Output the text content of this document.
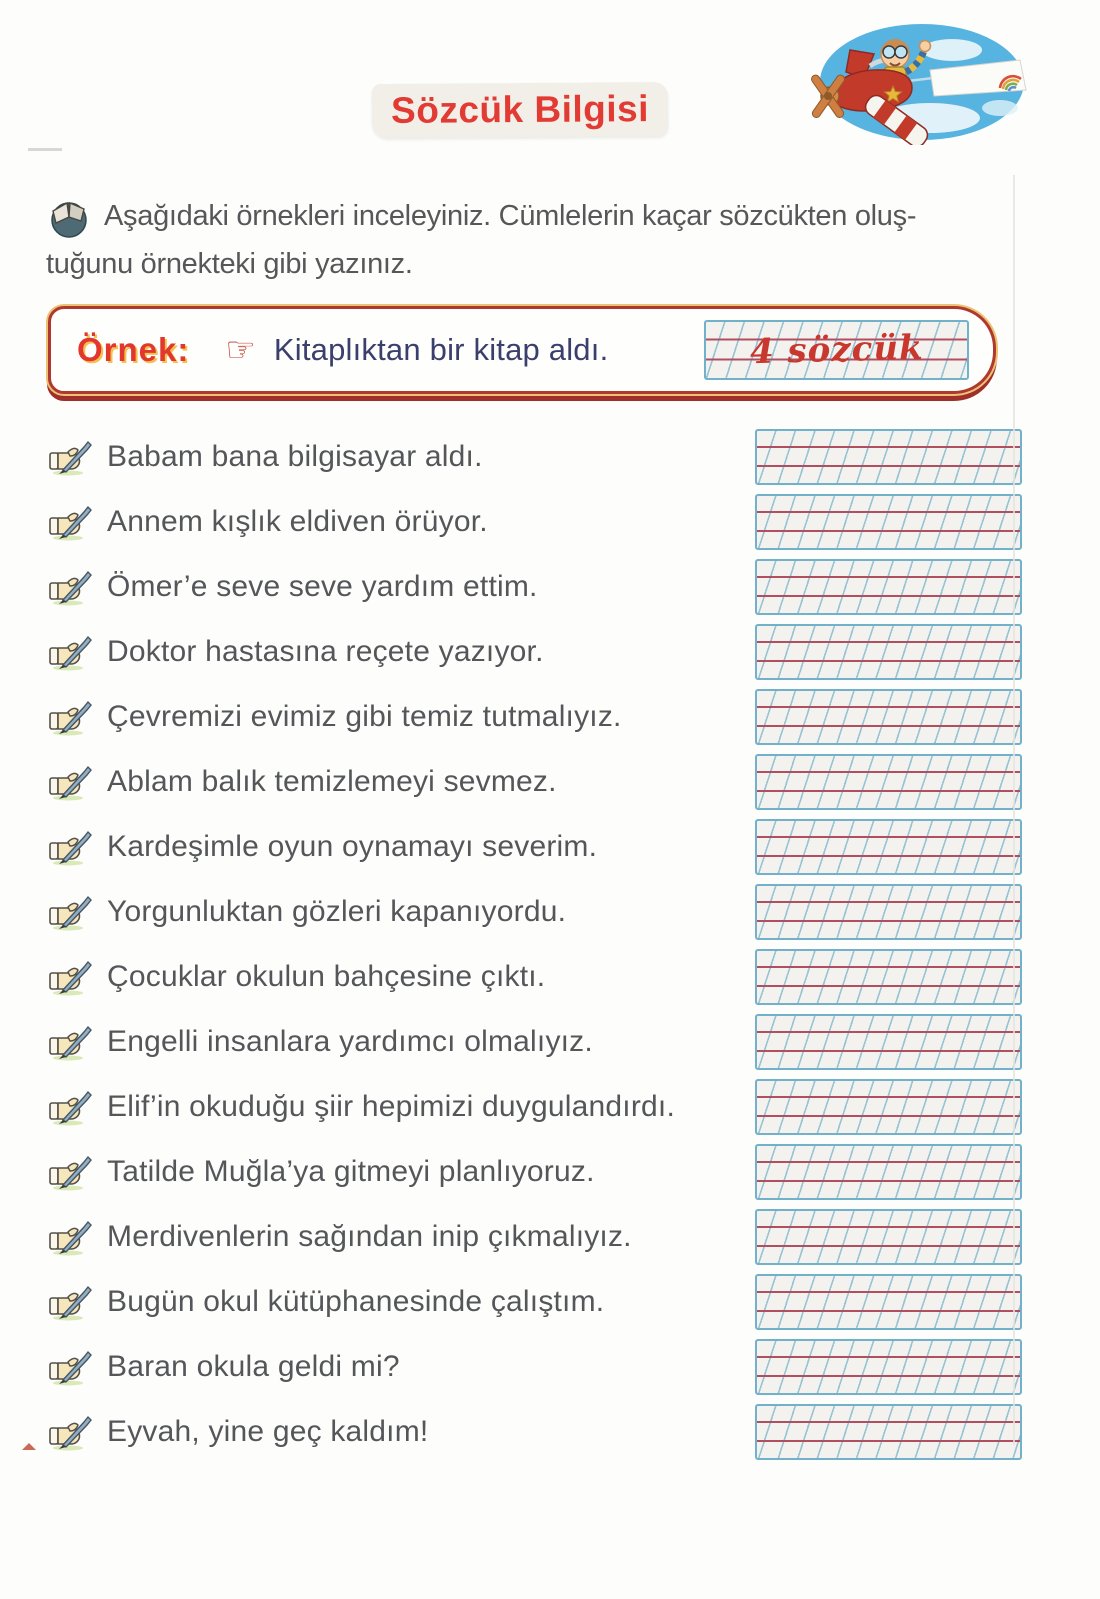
Sözcük Bilgisi
Aşağıdaki örnekleri inceleyiniz. Cümlelerin kaçar sözcükten oluş-
tuğunu örnekteki gibi yazınız.
Örnek: ☞ Kitaplıktan bir kitap aldı.	4 sözcük
Babam bana bilgisayar aldı.
Annem kışlık eldiven örüyor.
Ömer’e seve seve yardım ettim.
Doktor hastasına reçete yazıyor.
Çevremizi evimiz gibi temiz tutmalıyız.
Ablam balık temizlemeyi sevmez.
Kardeşimle oyun oynamayı severim.
Yorgunluktan gözleri kapanıyordu.
Çocuklar okulun bahçesine çıktı.
Engelli insanlara yardımcı olmalıyız.
Elif’in okuduğu şiir hepimizi duygulandırdı.
Tatilde Muğla’ya gitmeyi planlıyoruz.
Merdivenlerin sağından inip çıkmalıyız.
Bugün okul kütüphanesinde çalıştım.
Baran okula geldi mi?
Eyvah, yine geç kaldım!
